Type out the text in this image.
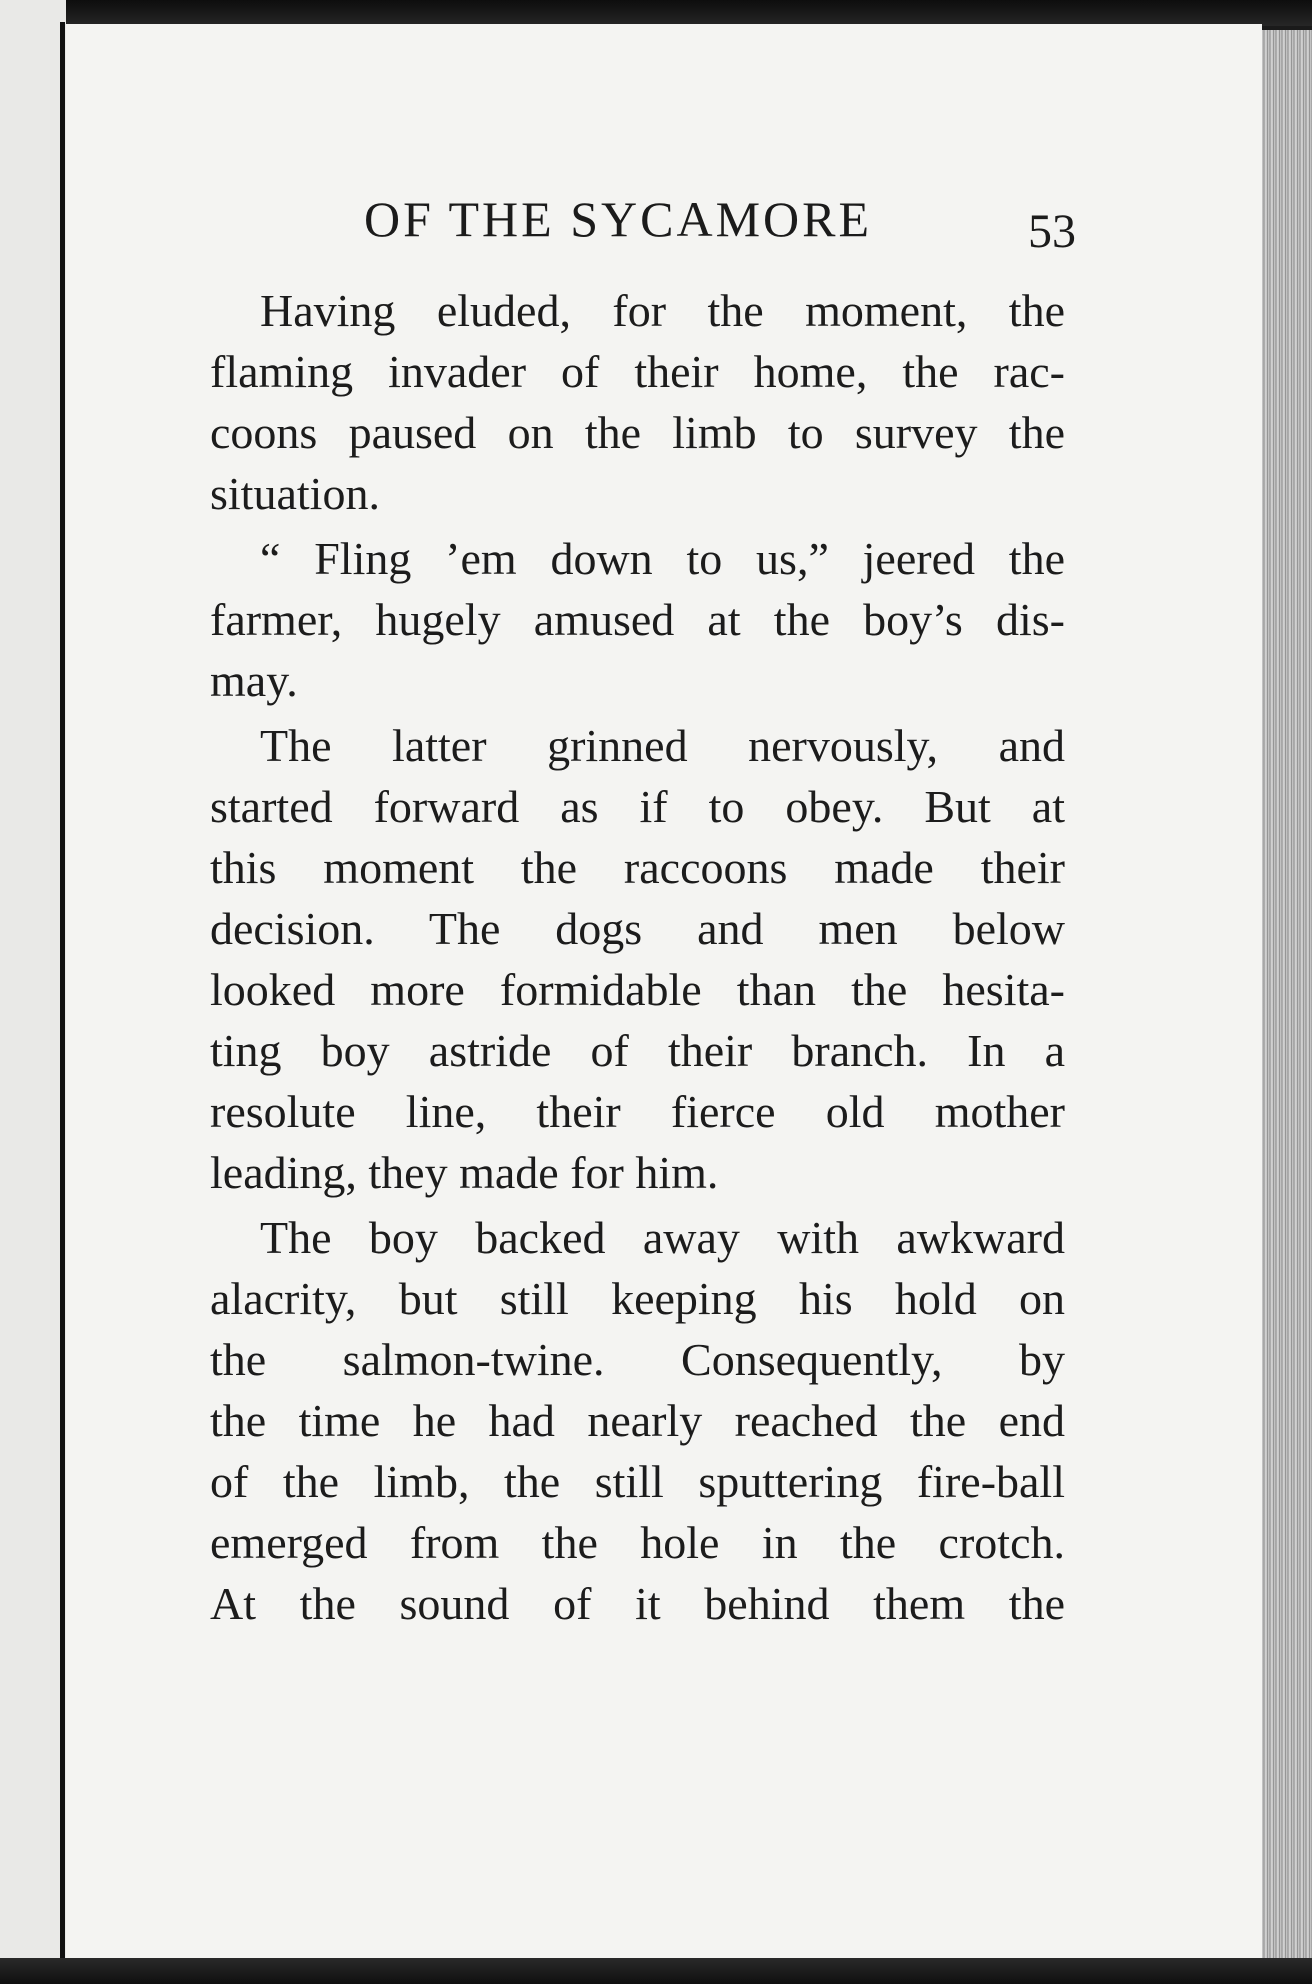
OF THE SYCAMORE	53

Having eluded, for the moment, the
flaming invader of their home, the rac-
coons paused on the limb to survey the
situation.

“ Fling ’em down to us,” jeered the
farmer, hugely amused at the boy’s dis-
may.

The latter grinned nervously, and
started forward as if to obey. But at
this moment the raccoons made their
decision. The dogs and men below
looked more formidable than the hesita-
ting boy astride of their branch. In a
resolute line, their fierce old mother
leading, they made for him.

The boy backed away with awkward
alacrity, but still keeping his hold on
the salmon-twine. Consequently, by
the time he had nearly reached the end
of the limb, the still sputtering fire-ball
emerged from the hole in the crotch.
At the sound of it behind them the
